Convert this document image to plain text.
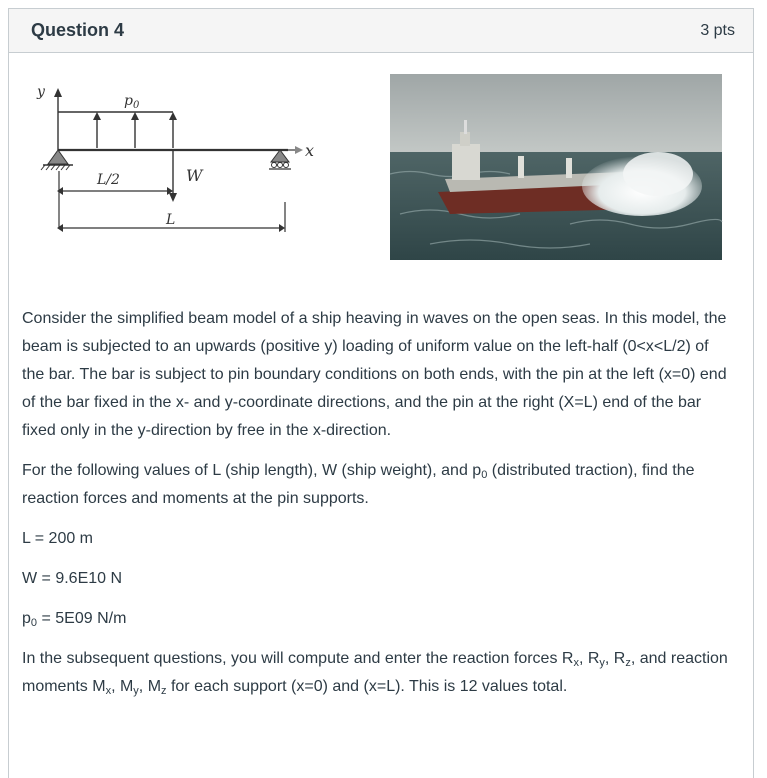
Question 4	3 pts
y
$p_0$
x
W
L/2
L

Consider the simplified beam model of a ship heaving in waves on the open seas. In this model, the beam is subjected to an upwards (positive y) loading of uniform value on the left-half (0<x<L/2) of the bar. The bar is subject to pin boundary conditions on both ends, with the pin at the left (x=0) end of the bar fixed in the x- and y-coordinate directions, and the pin at the right (X=L) end of the bar fixed only in the y-direction by free in the x-direction.

For the following values of L (ship length), W (ship weight), and $p_0$ (distributed traction), find the reaction forces and moments at the pin supports.

L = 200 m

W = 9.6E10 N

$p_0 = 5E09$ N/m

In the subsequent questions, you will compute and enter the reaction forces $R_x$, $R_y$, $R_z$, and reaction moments $M_x$, $M_y$, $M_z$ for each support (x=0) and (x=L). This is 12 values total.
